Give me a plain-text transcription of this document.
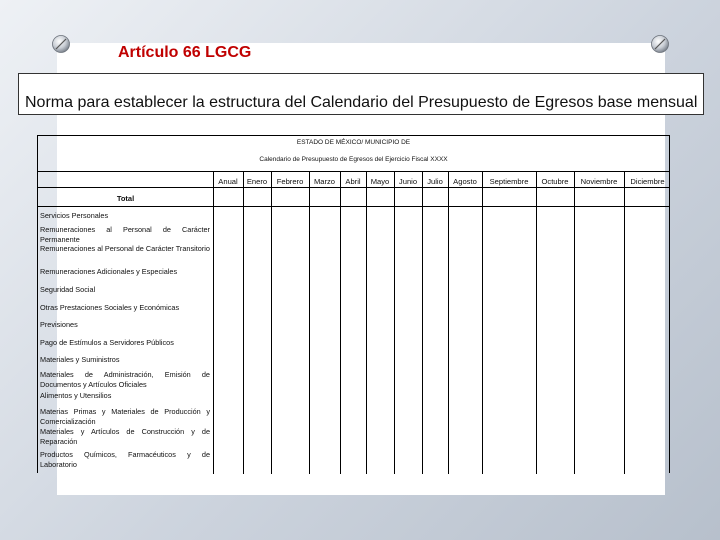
Artículo 66 LGCG
Norma para establecer la estructura del Calendario del Presupuesto de Egresos base mensual
ESTADO DE MÉXICO/ MUNICIPIO DE
Calendario de Presupuesto de Egresos del Ejercicio Fiscal XXXX
Anual	Enero	Febrero	Marzo	Abril	Mayo	Junio	Julio	Agosto	Septiembre	Octubre	Noviembre	Diciembre
Total
Servicios Personales
Remuneraciones al Personal de Carácter Permanente
Remuneraciones al Personal de Carácter Transitorio
Remuneraciones Adicionales y Especiales
Seguridad Social
Otras Prestaciones Sociales y Económicas
Previsiones
Pago de Estímulos a Servidores Públicos
Materiales y Suministros
Materiales de Administración, Emisión de Documentos y Artículos Oficiales
Alimentos y Utensilios
Materias Primas y Materiales de Producción y Comercialización
Materiales y Artículos de Construcción y de Reparación
Productos Químicos, Farmacéuticos y de Laboratorio
